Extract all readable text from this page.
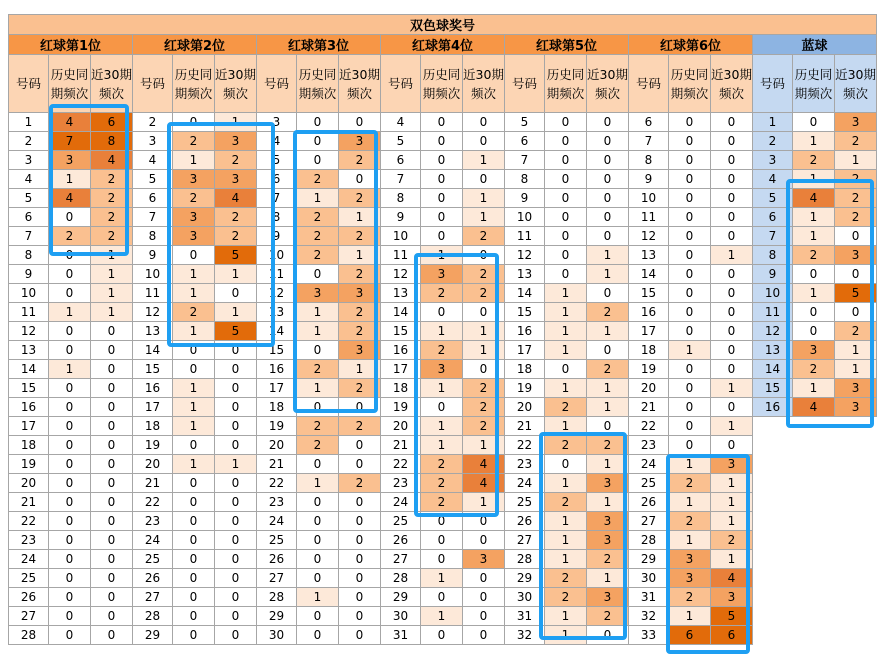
双色球奖号																				
红球第1位			红球第2位			红球第3位			红球第4位			红球第5位			红球第6位			蓝球		
号码	历史同期频次	近30期频次	号码	历史同期频次	近30期频次	号码	历史同期频次	近30期频次	号码	历史同期频次	近30期频次	号码	历史同期频次	近30期频次	号码	历史同期频次	近30期频次	号码	历史同期频次	近30期频次
1	4	6	2	0	1	3	0	0	4	0	0	5	0	0	6	0	0	1	0	3
2	7	8	3	2	3	4	0	3	5	0	0	6	0	0	7	0	0	2	1	2
3	3	4	4	1	2	5	0	2	6	0	1	7	0	0	8	0	0	3	2	1
4	1	2	5	3	3	6	2	0	7	0	0	8	0	0	9	0	0	4	1	2
5	4	2	6	2	4	7	1	2	8	0	1	9	0	0	10	0	0	5	4	2
6	0	2	7	3	2	8	2	1	9	0	1	10	0	0	11	0	0	6	1	2
7	2	2	8	3	2	9	2	2	10	0	2	11	0	0	12	0	0	7	1	0
8	0	1	9	0	5	10	2	1	11	1	0	12	0	1	13	0	1	8	2	3
9	0	1	10	1	1	11	0	2	12	3	2	13	0	1	14	0	0	9	0	0
10	0	1	11	1	0	12	3	3	13	2	2	14	1	0	15	0	0	10	1	5
11	1	1	12	2	1	13	1	2	14	0	0	15	1	2	16	0	0	11	0	0
12	0	0	13	1	5	14	1	2	15	1	1	16	1	1	17	0	0	12	0	2
13	0	0	14	0	0	15	0	3	16	2	1	17	1	0	18	1	0	13	3	1
14	1	0	15	0	0	16	2	1	17	3	0	18	0	2	19	0	0	14	2	1
15	0	0	16	1	0	17	1	2	18	1	2	19	1	1	20	0	1	15	1	3
16	0	0	17	1	0	18	0	0	19	0	2	20	2	1	21	0	0	16	4	3
17	0	0	18	1	0	19	2	2	20	1	2	21	1	0	22	0	1			
18	0	0	19	0	0	20	2	0	21	1	1	22	2	2	23	0	0			
19	0	0	20	1	1	21	0	0	22	2	4	23	0	1	24	1	3			
20	0	0	21	0	0	22	1	2	23	2	4	24	1	3	25	2	1			
21	0	0	22	0	0	23	0	0	24	2	1	25	2	1	26	1	1			
22	0	0	23	0	0	24	0	0	25	0	0	26	1	3	27	2	1			
23	0	0	24	0	0	25	0	0	26	0	0	27	1	3	28	1	2			
24	0	0	25	0	0	26	0	0	27	0	3	28	1	2	29	3	1			
25	0	0	26	0	0	27	0	0	28	1	0	29	2	1	30	3	4			
26	0	0	27	0	0	28	1	0	29	0	0	30	2	3	31	2	3			
27	0	0	28	0	0	29	0	0	30	1	0	31	1	2	32	1	5			
28	0	0	29	0	0	30	0	0	31	0	0	32	1	0	33	6	6			
